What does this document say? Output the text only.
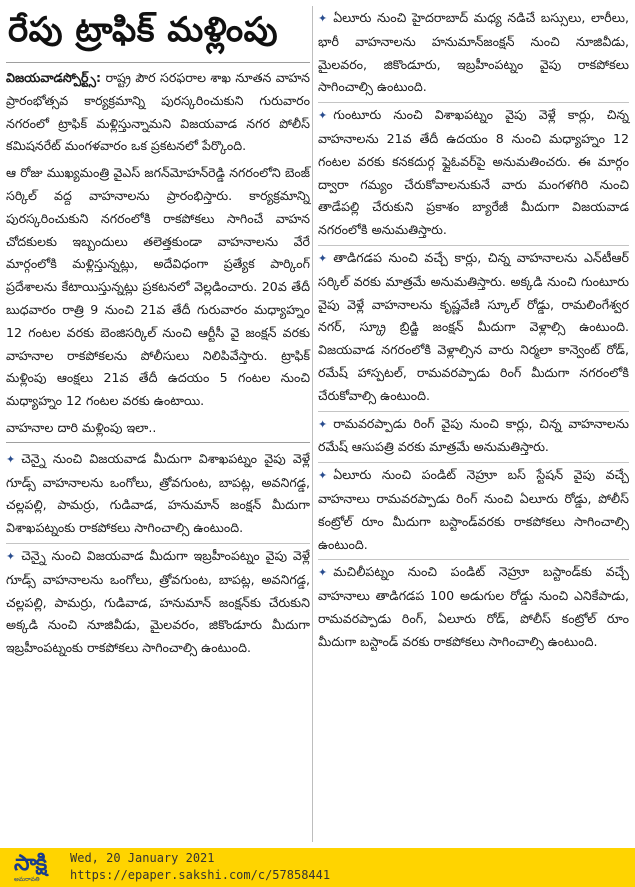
రేపు ట్రాఫిక్‌ మళ్లింపు

విజయవాడస్పోర్ట్స్‌: రాష్ట్ర పౌర సరఫరాల శాఖ నూతన వాహన ప్రారంభోత్సవ కార్యక్రమాన్ని పురస్కరించుకుని గురువారం నగరంలో ట్రాఫిక్‌ మళ్లిస్తున్నామని విజయవాడ నగర పోలీస్‌ కమిషనరేట్‌ మంగళవారం ఒక ప్రకటనలో పేర్కొంది.

ఆ రోజు ముఖ్యమంత్రి వైఎస్‌ జగన్‌మోహన్‌రెడ్డి నగరంలోని బెంజ్‌ సర్కిల్‌ వద్ద వాహనాలను ప్రారంభిస్తారు. కార్యక్రమాన్ని పురస్కరించుకుని నగరంలోకి రాకపోకలు సాగించే వాహన చోదకులకు ఇబ్బందులు తలెత్తకుండా వాహనాలను వేరే మార్గంలోకి మళ్లిస్తున్నట్లు, అదేవిధంగా ప్రత్యేక పార్కింగ్‌ ప్రదేశాలను కేటాయిస్తున్నట్లు ప్రకటనలో వెల్లడించారు. 20వ తేదీ బుధవారం రాత్రి 9 నుంచి 21వ తేదీ గురువారం మధ్యాహ్నం 12 గంటల వరకు బెంజిసర్కిల్‌ నుంచి ఆర్టీసీ వై జంక్షన్‌ వరకు వాహనాల రాకపోకలను పోలీసులు నిలిపివేస్తారు. ట్రాఫిక్‌ మళ్లింపు ఆంక్షలు 21వ తేదీ ఉదయం 5 గంటల నుంచి మధ్యాహ్నం 12 గంటల వరకు ఉంటాయి.

వాహనాల దారి మళ్లింపు ఇలా..

✦ చెన్నై నుంచి విజయవాడ మీదుగా విశాఖపట్నం వైపు వెళ్లే గూడ్స్‌ వాహనాలను ఒంగోలు, త్రోవగుంట, బాపట్ల, అవనిగడ్డ, చల్లపల్లి, పామర్రు, గుడివాడ, హనుమాన్‌ జంక్షన్‌ మీదుగా విశాఖపట్నంకు రాకపోకలు సాగించాల్సి ఉంటుంది.

✦ చెన్నై నుంచి విజయవాడ మీదుగా ఇబ్రహీంపట్నం వైపు వెళ్లే గూడ్స్‌ వాహనాలను ఒంగోలు, త్రోవగుంట, బాపట్ల, అవనిగడ్డ, చల్లపల్లి, పామర్రు, గుడివాడ, హనుమాన్‌ జంక్షన్‌కు చేరుకుని అక్కడి నుంచి నూజివీడు, మైలవరం, జికొండూరు మీదుగా ఇబ్రహీంపట్నంకు రాకపోకలు సాగించాల్సి ఉంటుంది.

✦ ఏలూరు నుంచి హైదరాబాద్‌ మధ్య నడిచే బస్సులు, లారీలు, భారీ వాహనాలను హనుమాన్‌జంక్షన్‌ నుంచి నూజివీడు, మైలవరం, జికొండూరు, ఇబ్రహీంపట్నం వైపు రాకపోకలు సాగించాల్సి ఉంటుంది.

✦ గుంటూరు నుంచి విశాఖపట్నం వైపు వెళ్లే కార్లు, చిన్న వాహనాలను 21వ తేదీ ఉదయం 8 నుంచి మధ్యాహ్నం 12 గంటల వరకు కనకదుర్గ ఫ్లైఓవర్‌పై అనుమతించరు. ఈ మార్గం ద్వారా గమ్యం చేరుకోవాలనుకునే వారు మంగళగిరి నుంచి తాడేపల్లి చేరుకుని ప్రకాశం బ్యారేజీ మీదుగా విజయవాడ నగరంలోకి అనుమతిస్తారు.

✦ తాడిగడప నుంచి వచ్చే కార్లు, చిన్న వాహనాలను ఎన్‌టీఆర్‌ సర్కిల్‌ వరకు మాత్రమే అనుమతిస్తారు. అక్కడి నుంచి గుంటూరు వైపు వెళ్లే వాహనాలను కృష్ణవేణి స్కూల్‌ రోడ్డు, రామలింగేశ్వర నగర్‌, స్క్రూ బ్రిడ్జి జంక్షన్‌ మీదుగా వెళ్లాల్సి ఉంటుంది. విజయవాడ నగరంలోకి వెళ్లాల్సిన వారు నిర్మలా కాన్వెంట్‌ రోడ్‌, రమేష్‌ హాస్పటల్‌, రామవరప్పాడు రింగ్‌ మీదుగా నగరంలోకి చేరుకోవాల్సి ఉంటుంది.

✦ రామవరప్పాడు రింగ్‌ వైపు నుంచి కార్లు, చిన్న వాహనాలను రమేష్‌ ఆసుపత్రి వరకు మాత్రమే అనుమతిస్తారు.

✦ ఏలూరు నుంచి పండిట్‌ నెహ్రూ బస్‌ స్టేషన్‌ వైపు వచ్చే వాహనాలు రామవరప్పాడు రింగ్‌ నుంచి ఏలూరు రోడ్డు, పోలీస్‌ కంట్రోల్‌ రూం మీదుగా బస్టాండ్‌వరకు రాకపోకలు సాగించాల్సి ఉంటుంది.

✦ మచిలీపట్నం నుంచి పండిట్‌ నెహ్రూ బస్టాండ్‌కు వచ్చే వాహనాలు తాడిగడప 100 అడుగుల రోడ్డు నుంచి ఎనికేపాడు, రామవరప్పాడు రింగ్‌, ఏలూరు రోడ్‌, పోలీస్‌ కంట్రోల్‌ రూం మీదుగా బస్టాండ్‌ వరకు రాకపోకలు సాగించాల్సి ఉంటుంది.

సాక్షి
అమరావతి
Wed, 20 January 2021
https://epaper.sakshi.com/c/57858441
